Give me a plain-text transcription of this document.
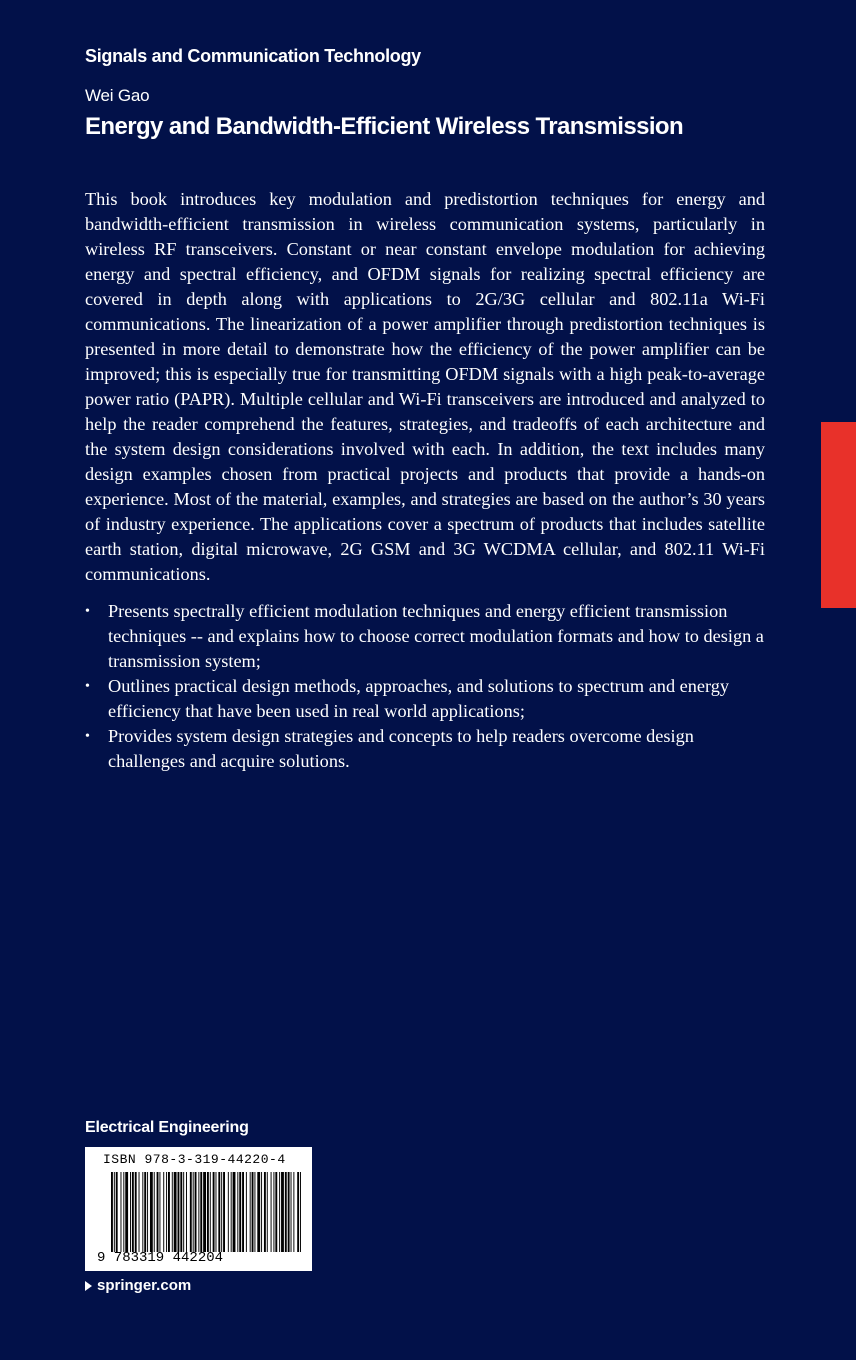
Signals and Communication Technology
Wei Gao
Energy and Bandwidth-Efficient Wireless Transmission

This book introduces key modulation and predistortion techniques for energy and bandwidth-efficient transmission in wireless communication systems, particularly in wireless RF transceivers. Constant or near constant envelope modulation for achieving energy and spectral efficiency, and OFDM signals for realizing spectral efficiency are covered in depth along with applications to 2G/3G cellular and 802.11a Wi-Fi communications. The linearization of a power amplifier through predistortion techniques is presented in more detail to demonstrate how the efficiency of the power amplifier can be improved; this is especially true for transmitting OFDM signals with a high peak-to-average power ratio (PAPR). Multiple cellular and Wi-Fi transceivers are introduced and analyzed to help the reader comprehend the features, strategies, and tradeoffs of each architecture and the system design considerations involved with each. In addition, the text includes many design examples chosen from practical projects and products that provide a hands-on experience. Most of the material, examples, and strategies are based on the author’s 30 years of industry experience. The applications cover a spectrum of products that includes satellite earth station, digital microwave, 2G GSM and 3G WCDMA cellular, and 802.11 Wi-Fi communications.

• Presents spectrally efficient modulation techniques and energy efficient transmission techniques -- and explains how to choose correct modulation formats and how to design a transmission system;
• Outlines practical design methods, approaches, and solutions to spectrum and energy efficiency that have been used in real world applications;
• Provides system design strategies and concepts to help readers overcome design challenges and acquire solutions.
Electrical Engineering
ISBN 978-3-319-44220-4
9 783319 442204
springer.com
